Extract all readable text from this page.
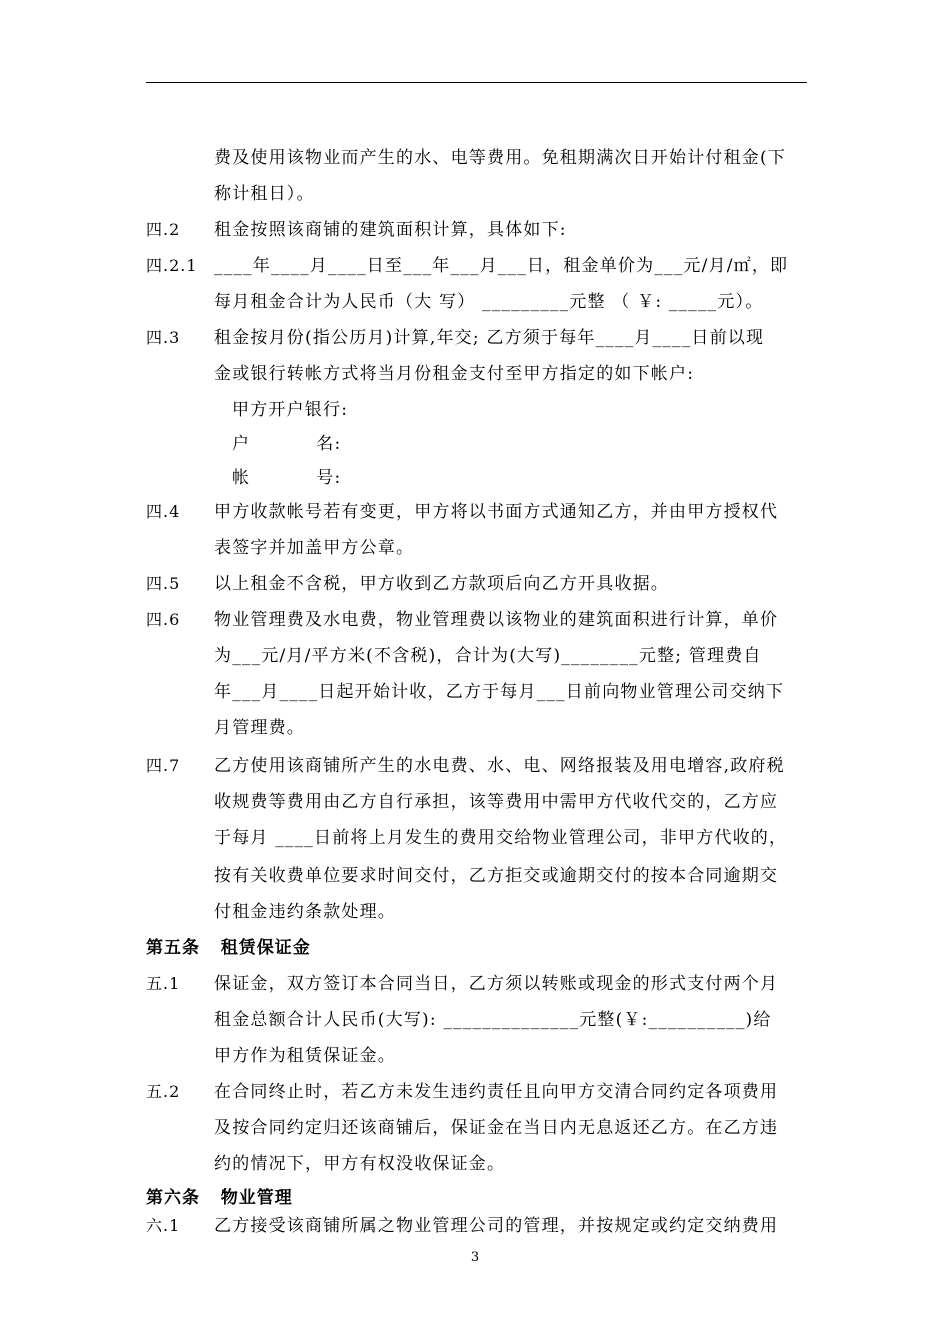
费及使用该物业而产生的水、电等费用。免租期满次日开始计付租金(下
称计租日）。
四.2 租金按照该商铺的建筑面积计算，具体如下:
四.2.1 ____年____月____日至___年___月___日，租金单价为___元/月/㎡，即
每月租金合计为人民币（大 写） _________元整 （ ￥: _____元）。
四.3 租金按月份(指公历月)计算,年交; 乙方须于每年____月____日前以现
金或银行转帐方式将当月份租金支付至甲方指定的如下帐户:
甲方开户银行:
户          名:
帐          号:
四.4 甲方收款帐号若有变更，甲方将以书面方式通知乙方，并由甲方授权代
表签字并加盖甲方公章。
四.5 以上租金不含税，甲方收到乙方款项后向乙方开具收据。
四.6 物业管理费及水电费，物业管理费以该物业的建筑面积进行计算，单价
为___元/月/平方米(不含税)，合计为(大写)________元整; 管理费自
年___月____日起开始计收，乙方于每月___日前向物业管理公司交纳下
月管理费。
四.7 乙方使用该商铺所产生的水电费、水、电、网络报装及用电增容,政府税
收规费等费用由乙方自行承担，该等费用中需甲方代收代交的，乙方应
于每月 ____日前将上月发生的费用交给物业管理公司，非甲方代收的，
按有关收费单位要求时间交付，乙方拒交或逾期交付的按本合同逾期交
付租金违约条款处理。
第五条   租赁保证金
五.1 保证金，双方签订本合同当日，乙方须以转账或现金的形式支付两个月
租金总额合计人民币(大写): ______________元整(￥:__________)给
甲方作为租赁保证金。
五.2 在合同终止时，若乙方未发生违约责任且向甲方交清合同约定各项费用
及按合同约定归还该商铺后，保证金在当日内无息返还乙方。在乙方违
约的情况下，甲方有权没收保证金。
第六条   物业管理
六.1 乙方接受该商铺所属之物业管理公司的管理，并按规定或约定交纳费用
3
